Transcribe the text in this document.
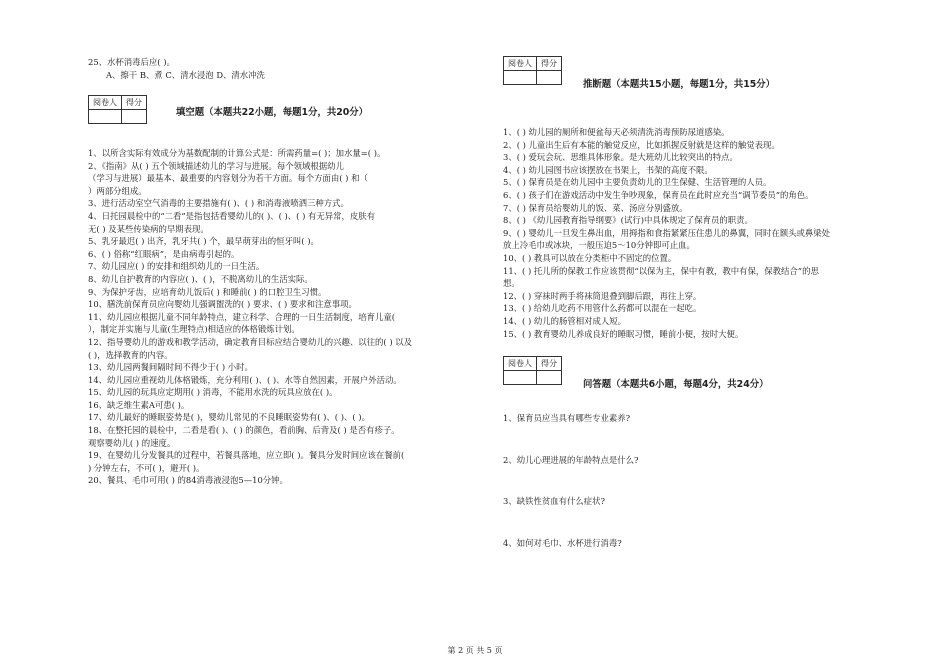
25、水杯消毒后应( )。
A、擦干 B、煮 C、清水浸泡 D、清水冲洗
阅卷人	得分

填空题（本题共22小题，每题1分，共20分）
1、以所含实际有效成分为基数配制的计算公式是：所需药量=( )；加水量=( )。
2、《指南》从( ) 五个领域描述幼儿的学习与进展。每个领域根据幼儿
（学习与进展）最基本、最重要的内容划分为若干方面。每个方面由( ) 和（
）两部分组成。
3、进行活动室空气消毒的主要措施有( )、( ) 和消毒液喷洒三种方式。
4、日托园晨检中的“二看”是指包括看婴幼儿的( )、( )、( ) 有无异常，皮肤有
无( ) 及某些传染病的早期表现。
5、乳牙最迟( ) 出齐，乳牙共( ) 个，最早萌芽出的恒牙叫( )。
6、( ) 俗称“红眼病”，是由病毒引起的。
7、幼儿园应( ) 的安排和组织幼儿的一日生活。
8、幼儿自护教育的内容应( )、( )，不脱离幼儿的生活实际。
9、为保护牙齿，应培育幼儿饭后( ) 和睡前( ) 的口腔卫生习惯。
10、膳洗前保育员应向婴幼儿强调盥洗的( ) 要求、( ) 要求和注意事项。
11、幼儿园应根据儿童不同年龄特点，建立科学、合理的一日生活制度，培育儿童(
），制定并实施与儿童(生理特点)相适应的体格锻炼计划。
12、指导婴幼儿的游戏和教学活动，确定教育目标应结合婴幼儿的兴趣、以往的( ) 以及
( )，选择教育的内容。
13、幼儿园两餐间隔时间不得少于( ) 小时。
14、幼儿园应重视幼儿体格锻炼，充分利用( )、( )、水等自然因素，开展户外活动。
15、幼儿园的玩具应定期用( ) 消毒，不能用水洗的玩具应放在( )。
16、缺乏维生素A可患( )。
17、幼儿最好的睡眠姿势是( )，婴幼儿常见的不良睡眠姿势有( )、( )、( )。
18、在整托园的晨检中，二看是看( )、( ) 的颜色，看前胸、后背及( ) 是否有疹子。
观察婴幼儿( ) 的速度。
19、在婴幼儿分发餐具的过程中，若餐具落地，应立即( )。餐具分发时间应该在餐前(
) 分钟左右，不可( )，避开( )。
20、餐具、毛巾可用( ) 的84消毒液浸泡5—10分钟。
阅卷人	得分

推断题（本题共15小题，每题1分，共15分）
1、( ) 幼儿园的厕所和便盆每天必须清洗消毒预防尿道感染。
2、( ) 儿童出生后有本能的触觉反应，比如抓握反射就是这样的触觉表现。
3、( ) 爱玩会玩、思维具体形象。是大班幼儿比较突出的特点。
4、( ) 幼儿园图书应该摆放在书架上，书架的高度不限。
5、( ) 保育员是在幼儿园中主要负责幼儿的卫生保健、生活管理的人员。
6、( ) 孩子们在游戏活动中发生争吵现象，保育员在此时应充当“调节委员”的角色。
7、( ) 保育员给婴幼儿的饭、菜、汤应分别盛放。
8、( ) 《幼儿园教育指导纲要》(试行)中具体规定了保育员的职责。
9、( ) 婴幼儿一旦发生鼻出血，用拇指和食指紧紧压住患儿的鼻翼，同时在额头或鼻梁处
放上冷毛巾或冰块，一般压迫5～10分钟即可止血。
10、( ) 教具可以放在分类柜中不固定的位置。
11、( ) 托儿所的保教工作应该贯彻“以保为主，保中有教，教中有保，保教结合”的思
想。
12、( ) 穿袜时两手将袜筒退叠到脚后跟，再往上穿。
13、( ) 给幼儿吃药不用管什么药都可以混在一起吃。
14、( ) 幼儿的肠管相对成人短。
15、( ) 教育婴幼儿养成良好的睡眠习惯，睡前小便，按时大便。
阅卷人	得分

问答题（本题共6小题，每题4分，共24分）
1、保育员应当具有哪些专业素养?
2、幼儿心理进展的年龄特点是什么?
3、缺铁性贫血有什么症状?
4、如何对毛巾、水杯进行消毒?
第 2 页 共 5 页
